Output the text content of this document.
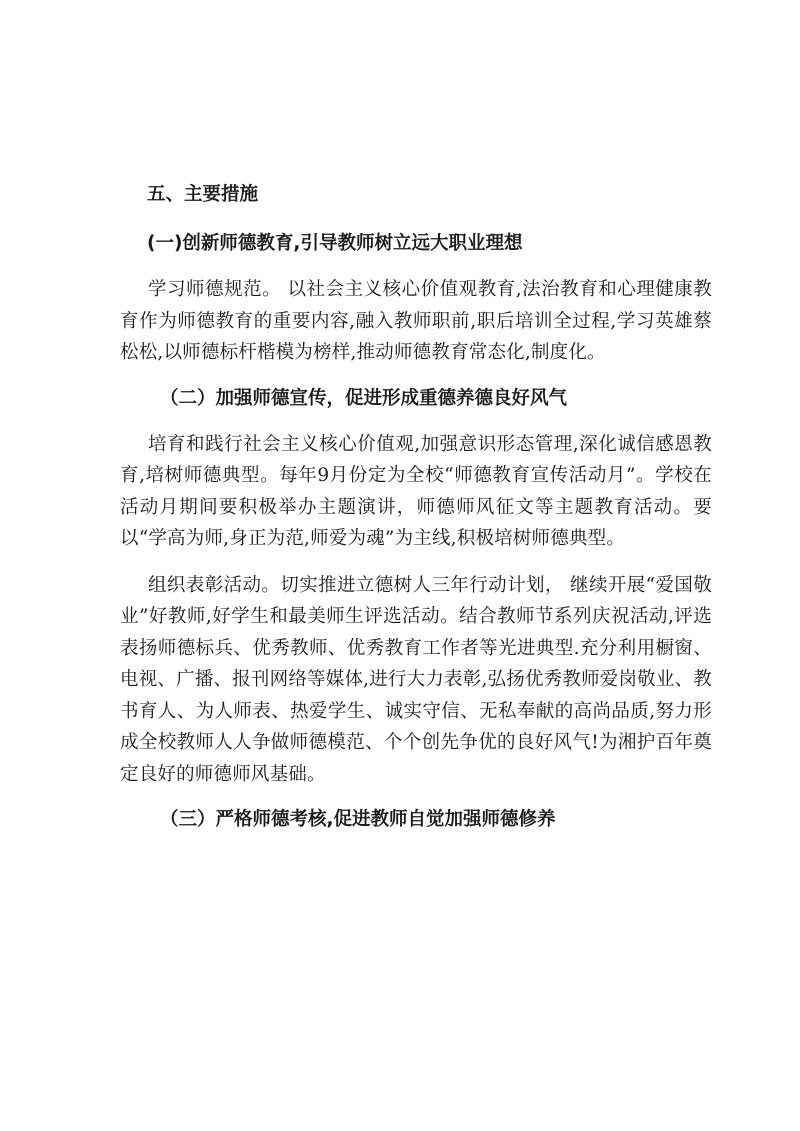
五、主要措施
(一)创新师德教育,引导教师树立远大职业理想

学习师德规范。 以社会主义核心价值观教育,法治教育和心理健康教育作为师德教育的重要内容,融入教师职前,职后培训全过程,学习英雄蔡松松,以师德标杆楷模为榜样,推动师德教育常态化,制度化。

（二）加强师德宣传，促进形成重德养德良好风气

培育和践行社会主义核心价值观,加强意识形态管理,深化诚信感恩教育,培树师德典型。每年9月份定为全校“师德教育宣传活动月”。学校在活动月期间要积极举办主题演讲，师德师风征文等主题教育活动。要以“学高为师,身正为范,师爱为魂”为主线,积极培树师德典型。

组织表彰活动。切实推进立德树人三年行动计划， 继续开展“爱国敬业”好教师,好学生和最美师生评选活动。结合教师节系列庆祝活动,评选表扬师德标兵、优秀教师、优秀教育工作者等光进典型.充分利用橱窗、电视、广播、报刊网络等媒体,进行大力表彰,弘扬优秀教师爱岗敬业、教书育人、为人师表、热爱学生、诚实守信、无私奉献的高尚品质,努力形成全校教师人人争做师德模范、个个创先争优的良好风气!为湘护百年奠定良好的师德师风基础。

（三）严格师德考核,促进教师自觉加强师德修养
